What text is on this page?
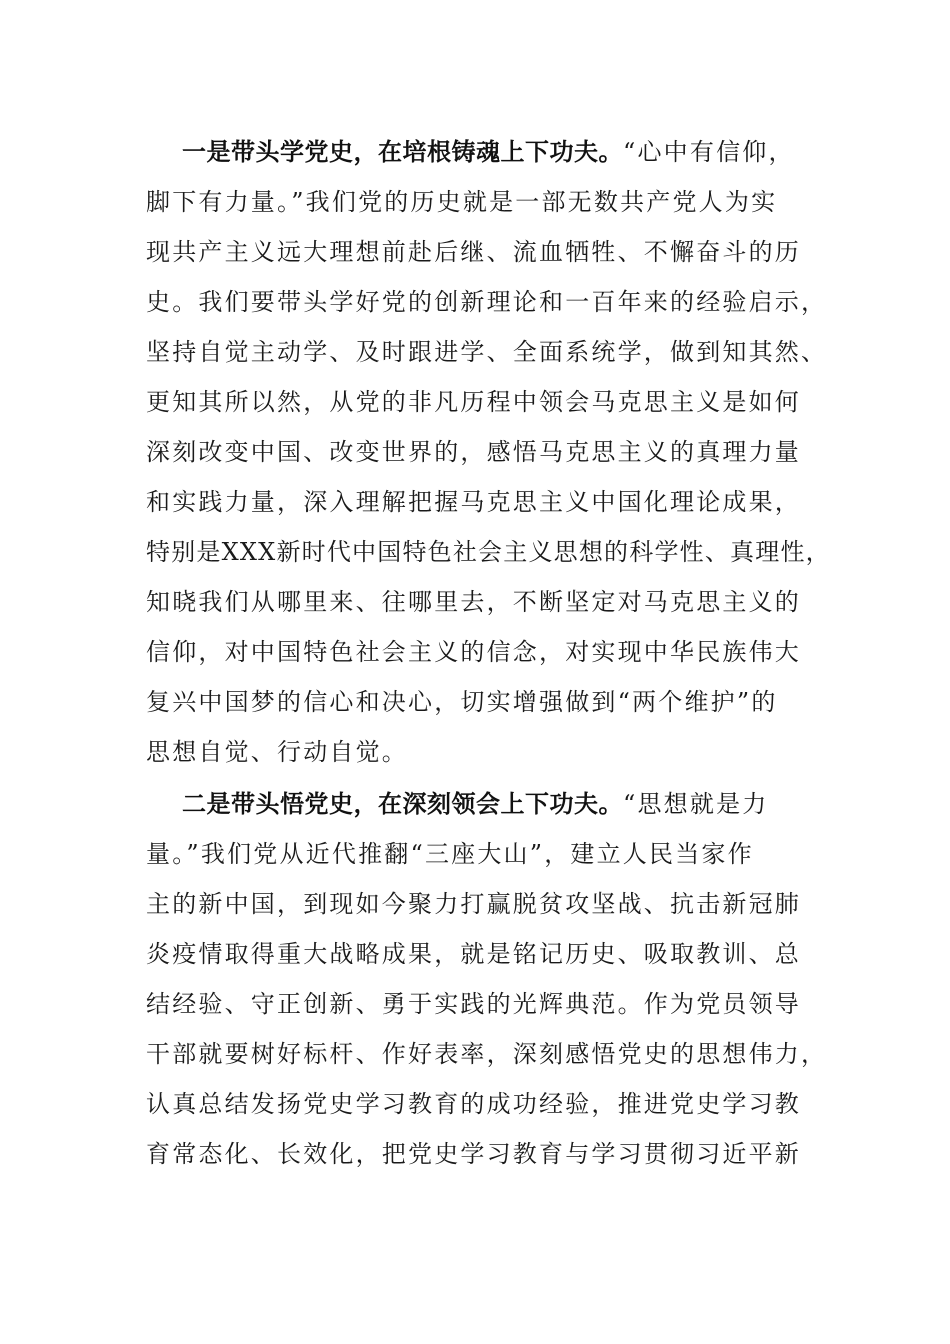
一是带头学党史，在培根铸魂上下功夫。“心中有信仰，
脚下有力量。”我们党的历史就是一部无数共产党人为实
现共产主义远大理想前赴后继、流血牺牲、不懈奋斗的历
史。我们要带头学好党的创新理论和一百年来的经验启示，
坚持自觉主动学、及时跟进学、全面系统学，做到知其然、
更知其所以然，从党的非凡历程中领会马克思主义是如何
深刻改变中国、改变世界的，感悟马克思主义的真理力量
和实践力量，深入理解把握马克思主义中国化理论成果，
特别是XXX新时代中国特色社会主义思想的科学性、真理性，
知晓我们从哪里来、往哪里去，不断坚定对马克思主义的
信仰，对中国特色社会主义的信念，对实现中华民族伟大
复兴中国梦的信心和决心，切实增强做到“两个维护”的
思想自觉、行动自觉。
二是带头悟党史，在深刻领会上下功夫。“思想就是力
量。”我们党从近代推翻“三座大山”，建立人民当家作
主的新中国，到现如今聚力打赢脱贫攻坚战、抗击新冠肺
炎疫情取得重大战略成果，就是铭记历史、吸取教训、总
结经验、守正创新、勇于实践的光辉典范。作为党员领导
干部就要树好标杆、作好表率，深刻感悟党史的思想伟力，
认真总结发扬党史学习教育的成功经验，推进党史学习教
育常态化、长效化，把党史学习教育与学习贯彻习近平新
